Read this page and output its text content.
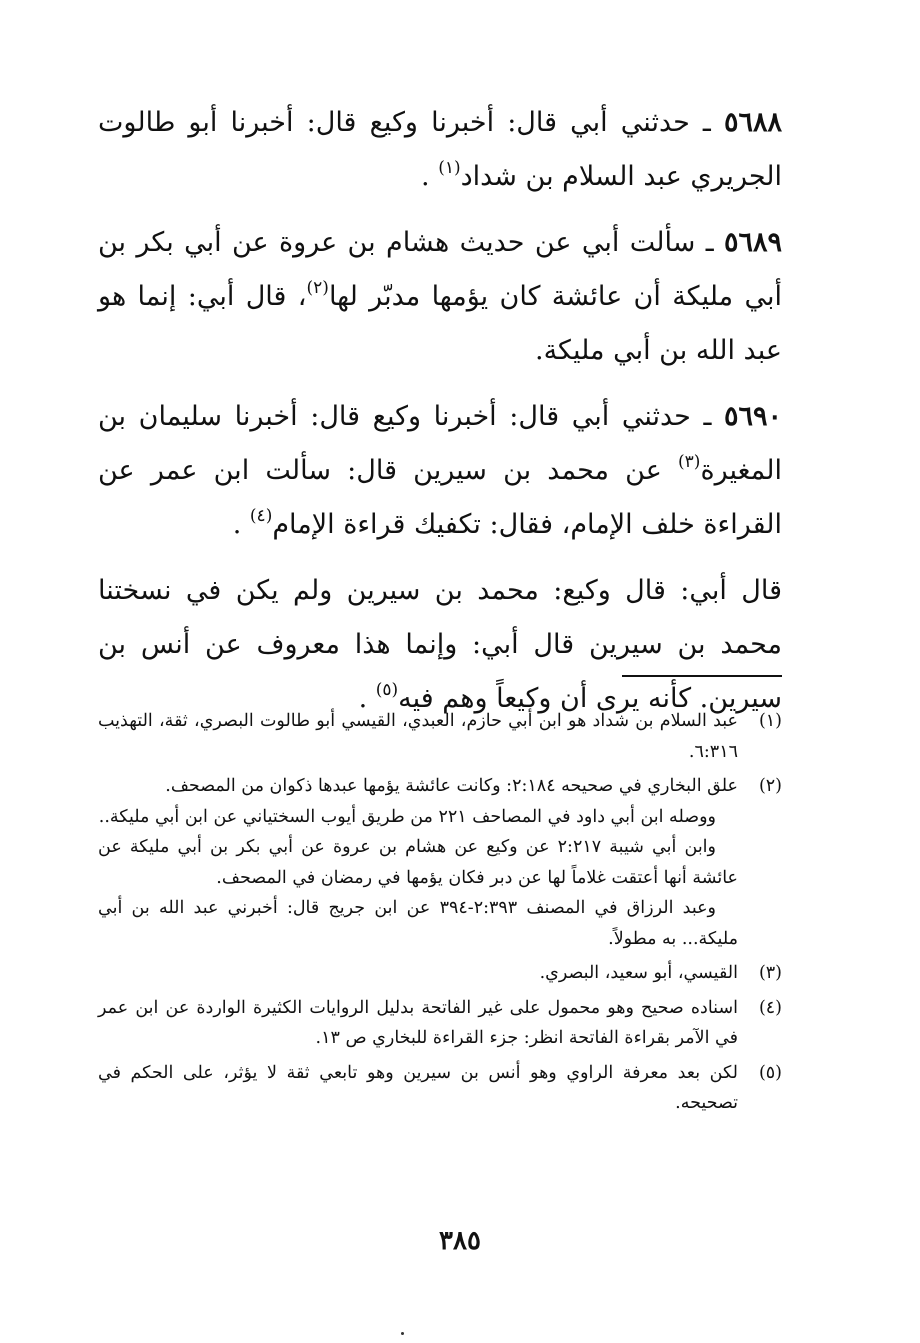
٥٦٨٨ ـ حدثني أبي قال: أخبرنا وكيع قال: أخبرنا أبو طالوت الجريري عبد السلام بن شداد$^{(١)}$ .

٥٦٨٩ ـ سألت أبي عن حديث هشام بن عروة عن أبي بكر بن أبي مليكة أن عائشة كان يؤمها مدبّر لها$^{(٢)}$، قال أبي: إنما هو عبد الله بن أبي مليكة.

٥٦٩٠ ـ حدثني أبي قال: أخبرنا وكيع قال: أخبرنا سليمان بن المغيرة$^{(٣)}$ عن محمد بن سيرين قال: سألت ابن عمر عن القراءة خلف الإمام، فقال: تكفيك قراءة الإمام$^{(٤)}$ .

قال أبي: قال وكيع: محمد بن سيرين ولم يكن في نسختنا محمد بن سيرين قال أبي: وإنما هذا معروف عن أنس بن سيرين. كأنه يرى أن وكيعاً وهم فيه$^{(٥)}$ .

(١)

عبد السلام بن شداد هو ابن أبي حازم، العبدي، القيسي أبو طالوت البصري، ثقة، التهذيب ٦:٣١٦.

(٢)

علق البخاري في صحيحه ٢:١٨٤: وكانت عائشة يؤمها عبدها ذكوان من المصحف.

ووصله ابن أبي داود في المصاحف ٢٢١ من طريق أيوب السختياني عن ابن أبي مليكة..

وابن أبي شيبة ٢:٢١٧ عن وكيع عن هشام بن عروة عن أبي بكر بن أبي مليكة عن عائشة أنها أعتقت غلاماً لها عن دبر فكان يؤمها في رمضان في المصحف.

وعبد الرزاق في المصنف ٢:٣٩٣-٣٩٤ عن ابن جريج قال: أخبرني عبد الله بن أبي مليكة... به مطولاً.

(٣)

القيسي، أبو سعيد، البصري.

(٤)

اسناده صحيح وهو محمول على غير الفاتحة بدليل الروايات الكثيرة الواردة عن ابن عمر في الآمر بقراءة الفاتحة انظر: جزء القراءة للبخاري ص ١٣.

(٥)

لكن بعد معرفة الراوي وهو أنس بن سيرين وهو تابعي ثقة لا يؤثر، على الحكم في تصحيحه.

٣٨٥
